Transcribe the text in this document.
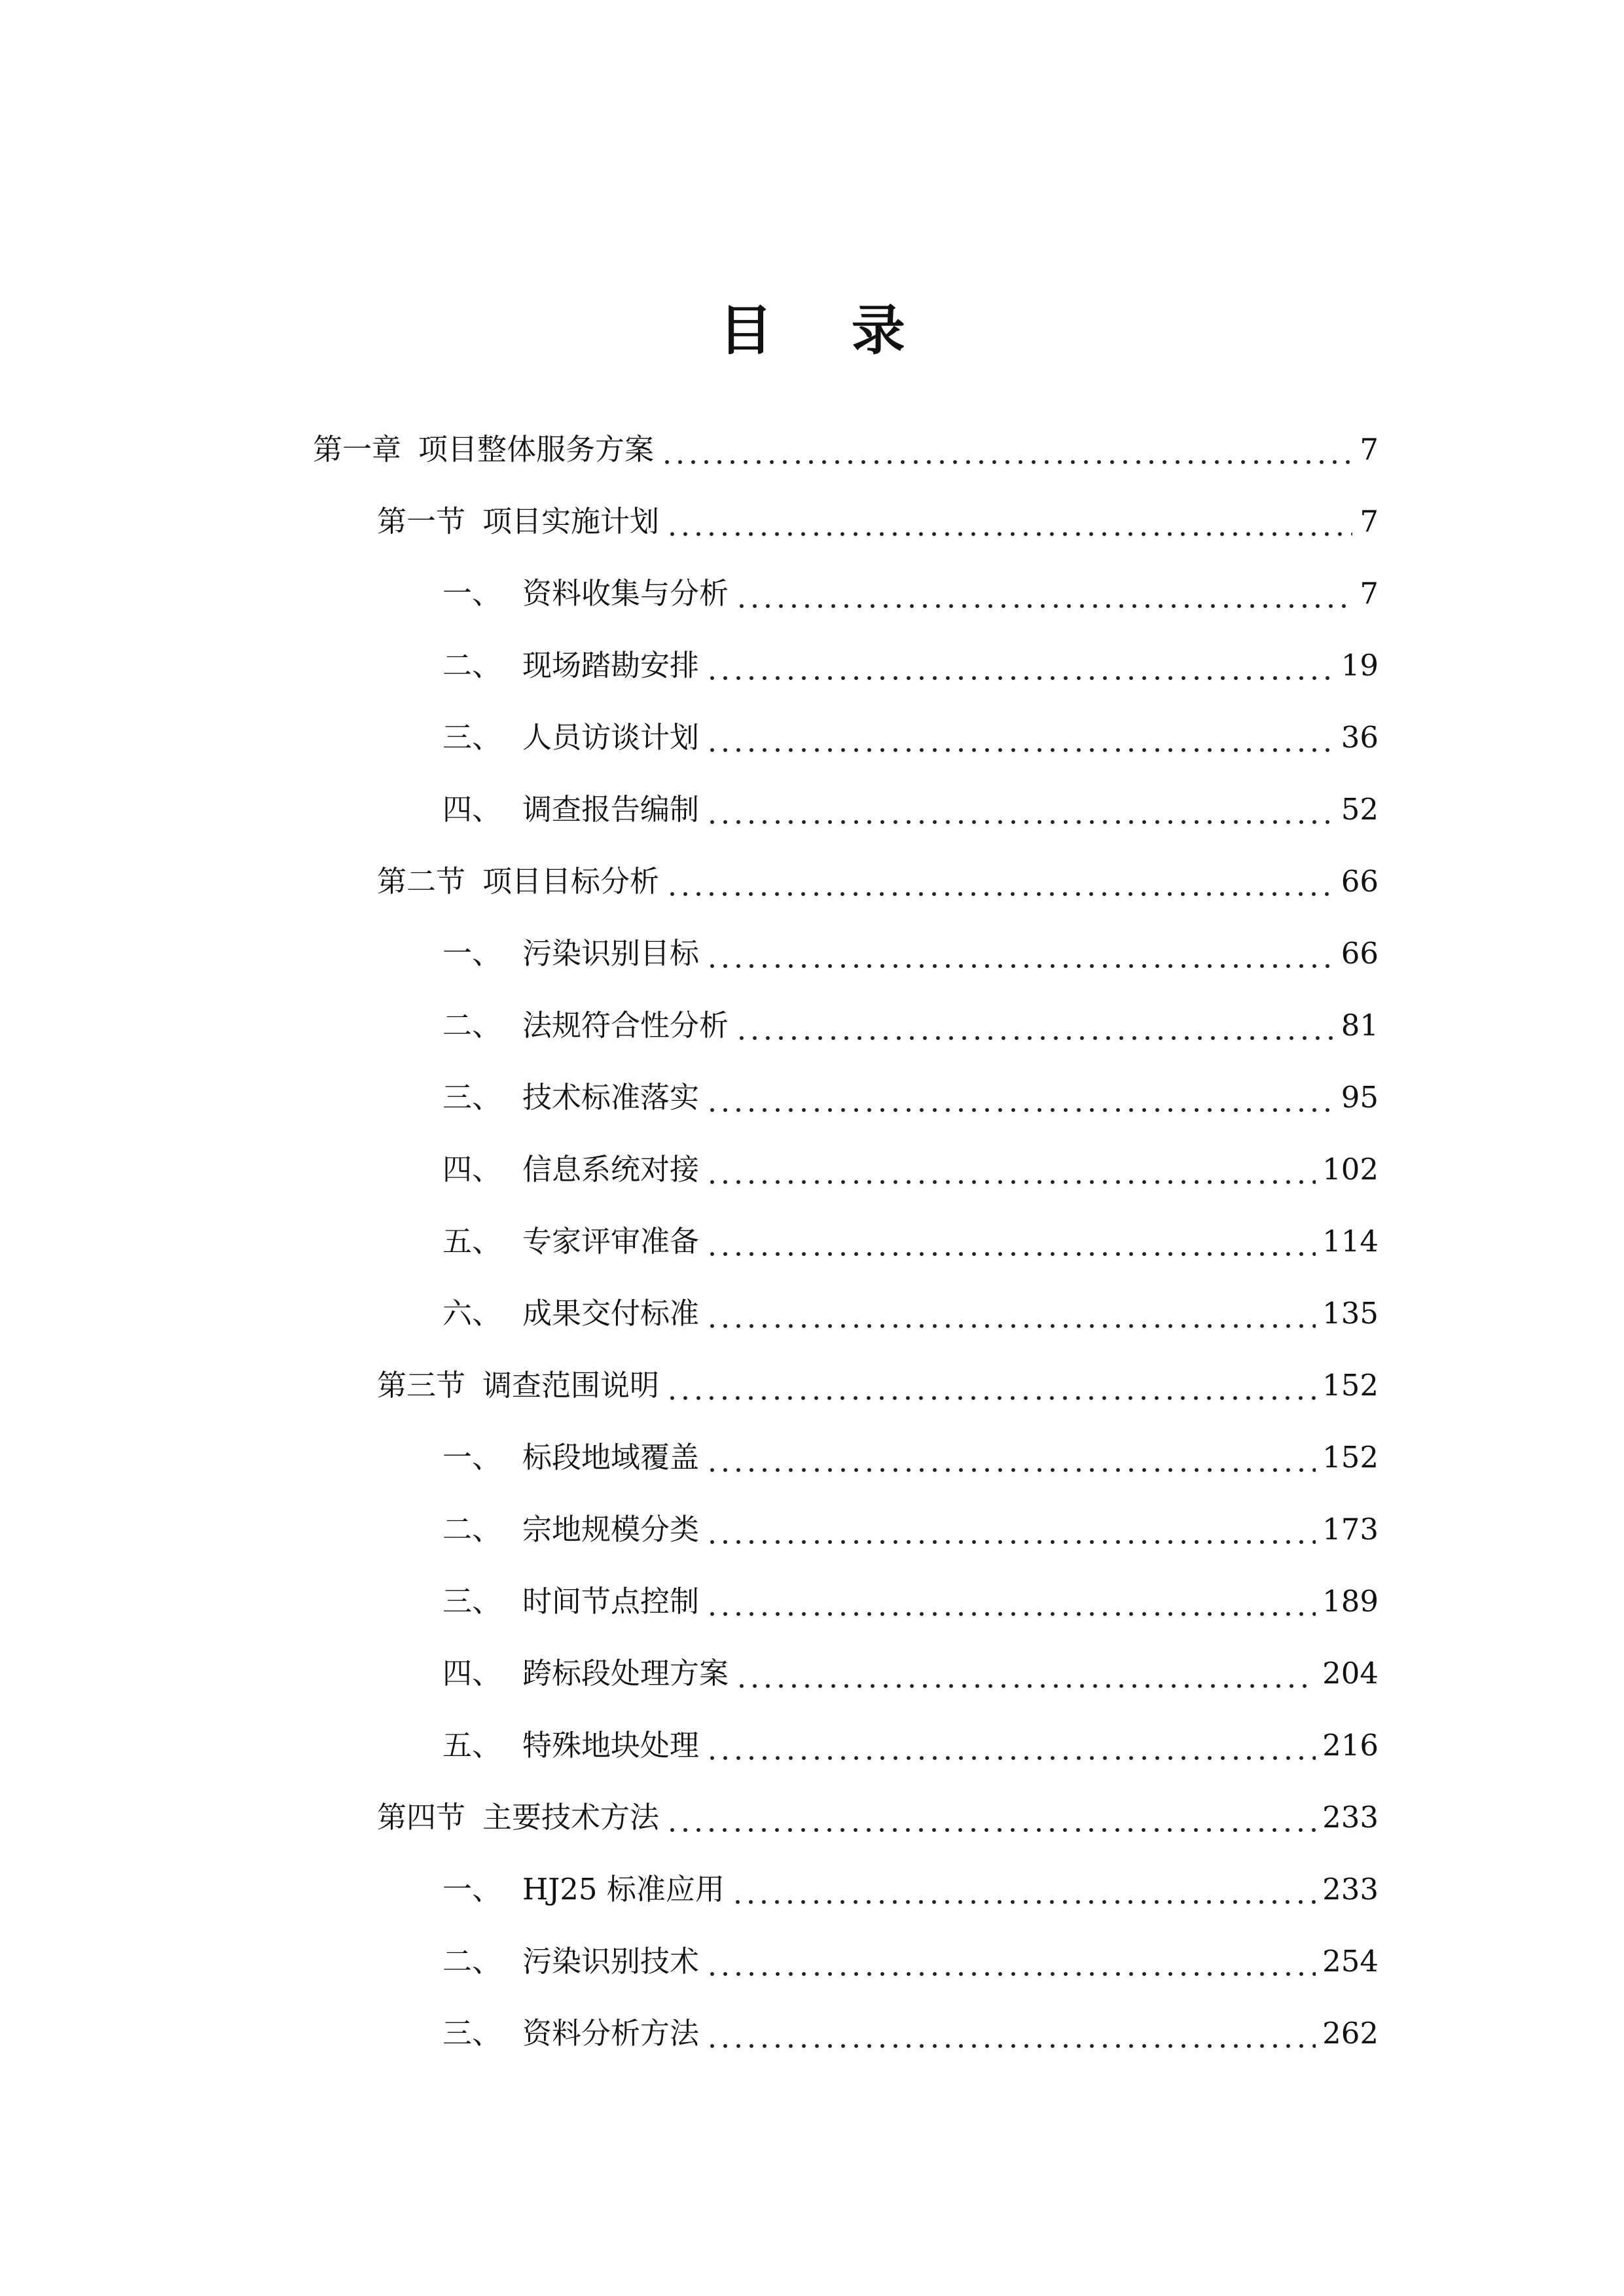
目 录
第一章 项目整体服务方案	7
第一节 项目实施计划	7
一、 资料收集与分析	7
二、 现场踏勘安排	19
三、 人员访谈计划	36
四、 调查报告编制	52
第二节 项目目标分析	66
一、 污染识别目标	66
二、 法规符合性分析	81
三、 技术标准落实	95
四、 信息系统对接	102
五、 专家评审准备	114
六、 成果交付标准	135
第三节 调查范围说明	152
一、 标段地域覆盖	152
二、 宗地规模分类	173
三、 时间节点控制	189
四、 跨标段处理方案	204
五、 特殊地块处理	216
第四节 主要技术方法	233
一、 HJ25 标准应用	233
二、 污染识别技术	254
三、 资料分析方法	262
